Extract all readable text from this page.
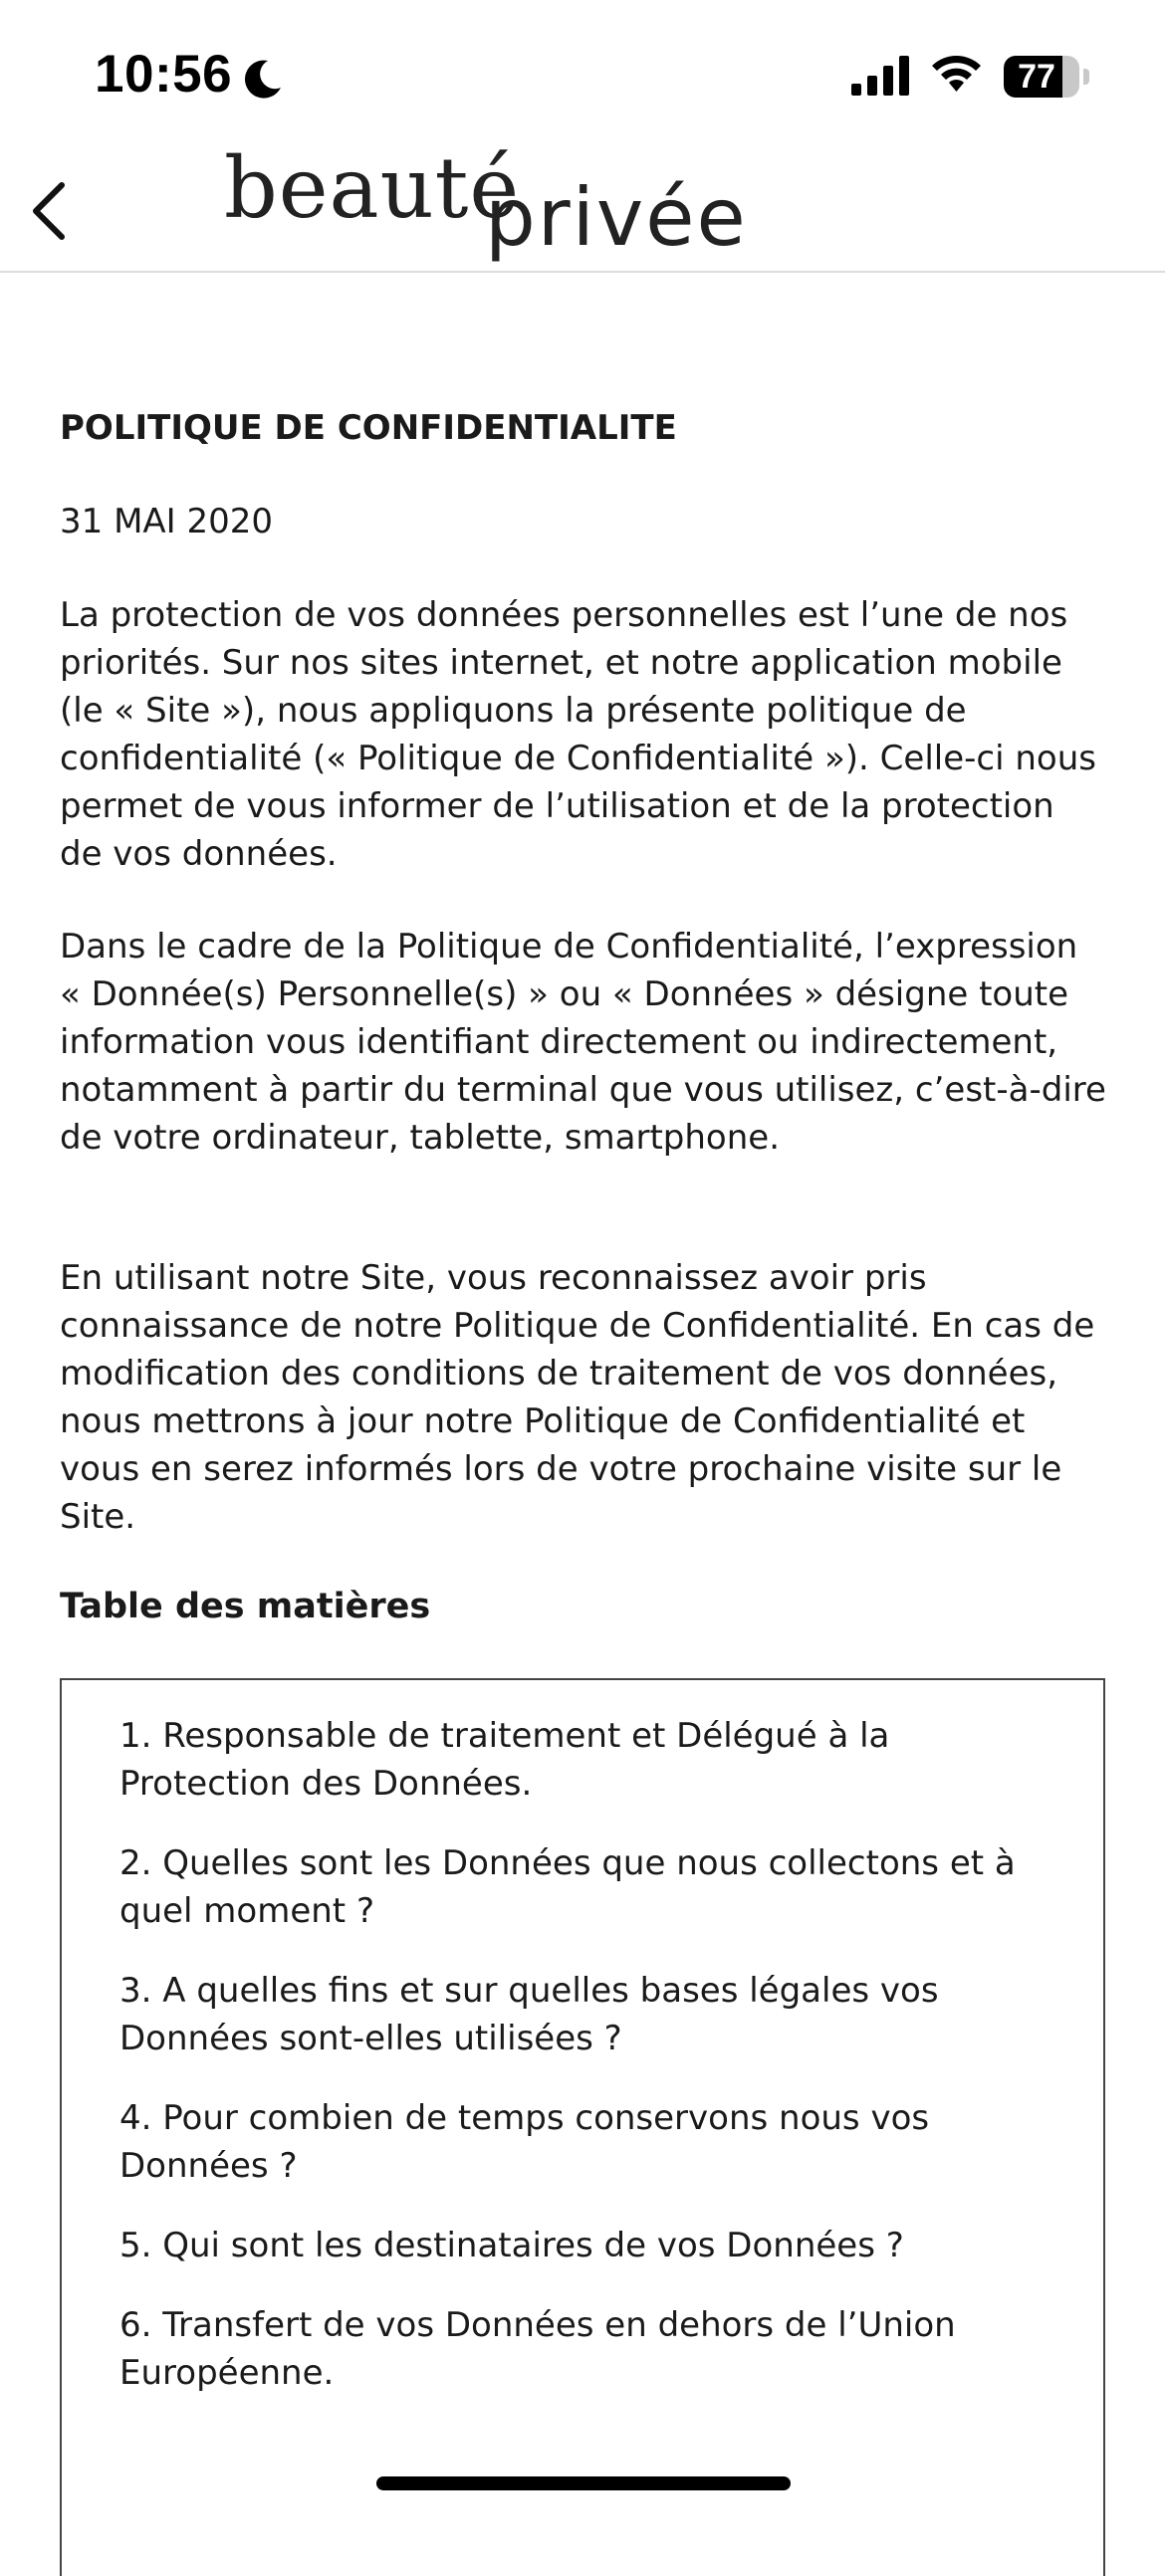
10:56	77
beauté
privée
POLITIQUE DE CONFIDENTIALITE
31 MAI 2020

La protection de vos données personnelles est l’une de nos priorités. Sur nos sites internet, et notre application mobile (le « Site »), nous appliquons la présente politique de confidentialité (« Politique de Confidentialité »). Celle-ci nous permet de vous informer de l’utilisation et de la protection de vos données.

Dans le cadre de la Politique de Confidentialité, l’expression « Donnée(s) Personnelle(s) » ou « Données » désigne toute information vous identifiant directement ou indirectement, notamment à partir du terminal que vous utilisez, c’est-à-dire de votre ordinateur, tablette, smartphone.

En utilisant notre Site, vous reconnaissez avoir pris connaissance de notre Politique de Confidentialité. En cas de modification des conditions de traitement de vos données, nous mettrons à jour notre Politique de Confidentialité et vous en serez informés lors de votre prochaine visite sur le Site.

Table des matières
1. Responsable de traitement et Délégué à la Protection des Données.
2. Quelles sont les Données que nous collectons et à quel moment ?
3. A quelles fins et sur quelles bases légales vos Données sont-elles utilisées ?
4. Pour combien de temps conservons nous vos Données ?
5. Qui sont les destinataires de vos Données ?
6. Transfert de vos Données en dehors de l’Union Européenne.
